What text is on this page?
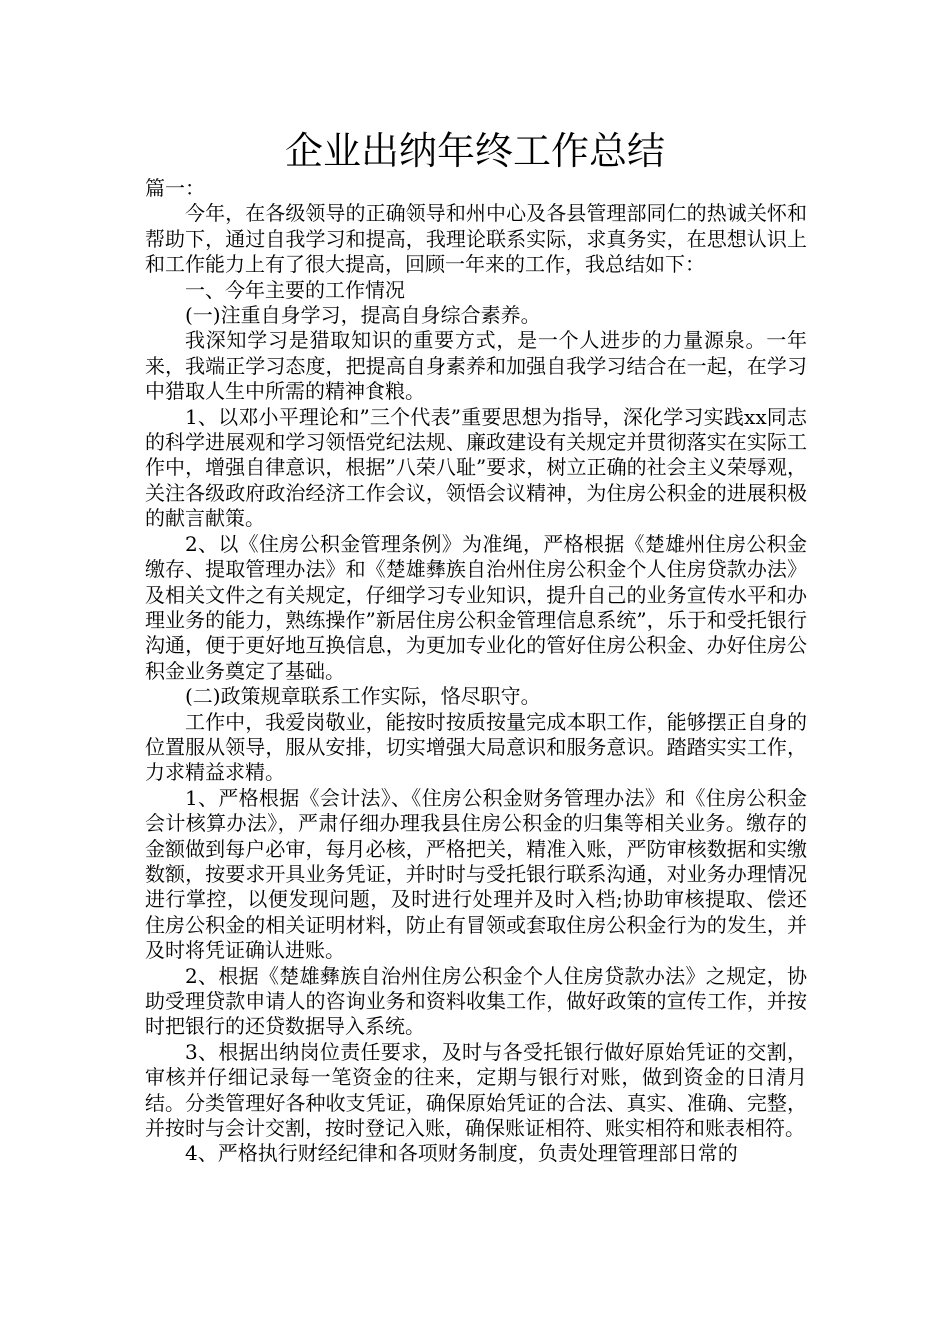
企业出纳年终工作总结

篇一：

今年，在各级领导的正确领导和州中心及各县管理部同仁的热诚关怀和帮助下，通过自我学习和提高，我理论联系实际，求真务实，在思想认识上和工作能力上有了很大提高，回顾一年来的工作，我总结如下：

一、今年主要的工作情况

(一)注重自身学习，提高自身综合素养。

我深知学习是猎取知识的重要方式，是一个人进步的力量源泉。一年来，我端正学习态度，把提高自身素养和加强自我学习结合在一起，在学习中猎取人生中所需的精神食粮。

1、以邓小平理论和”三个代表”重要思想为指导，深化学习实践xx同志的科学进展观和学习领悟党纪法规、廉政建设有关规定并贯彻落实在实际工作中，增强自律意识，根据”八荣八耻”要求，树立正确的社会主义荣辱观，关注各级政府政治经济工作会议，领悟会议精神，为住房公积金的进展积极的献言献策。

2、以《住房公积金管理条例》为准绳，严格根据《楚雄州住房公积金缴存、提取管理办法》和《楚雄彝族自治州住房公积金个人住房贷款办法》及相关文件之有关规定，仔细学习专业知识，提升自己的业务宣传水平和办理业务的能力，熟练操作”新居住房公积金管理信息系统”，乐于和受托银行沟通，便于更好地互换信息，为更加专业化的管好住房公积金、办好住房公积金业务奠定了基础。

(二)政策规章联系工作实际，恪尽职守。

工作中，我爱岗敬业，能按时按质按量完成本职工作，能够摆正自身的位置服从领导，服从安排，切实增强大局意识和服务意识。踏踏实实工作，力求精益求精。

1、严格根据《会计法》、《住房公积金财务管理办法》和《住房公积金会计核算办法》，严肃仔细办理我县住房公积金的归集等相关业务。缴存的金额做到每户必审，每月必核，严格把关，精准入账，严防审核数据和实缴数额，按要求开具业务凭证，并时时与受托银行联系沟通，对业务办理情况进行掌控，以便发现问题，及时进行处理并及时入档;协助审核提取、偿还住房公积金的相关证明材料，防止有冒领或套取住房公积金行为的发生，并及时将凭证确认进账。

2、根据《楚雄彝族自治州住房公积金个人住房贷款办法》之规定，协助受理贷款申请人的咨询业务和资料收集工作，做好政策的宣传工作，并按时把银行的还贷数据导入系统。

3、根据出纳岗位责任要求，及时与各受托银行做好原始凭证的交割，审核并仔细记录每一笔资金的往来，定期与银行对账，做到资金的日清月结。分类管理好各种收支凭证，确保原始凭证的合法、真实、准确、完整，并按时与会计交割，按时登记入账，确保账证相符、账实相符和账表相符。

4、严格执行财经纪律和各项财务制度，负责处理管理部日常的
